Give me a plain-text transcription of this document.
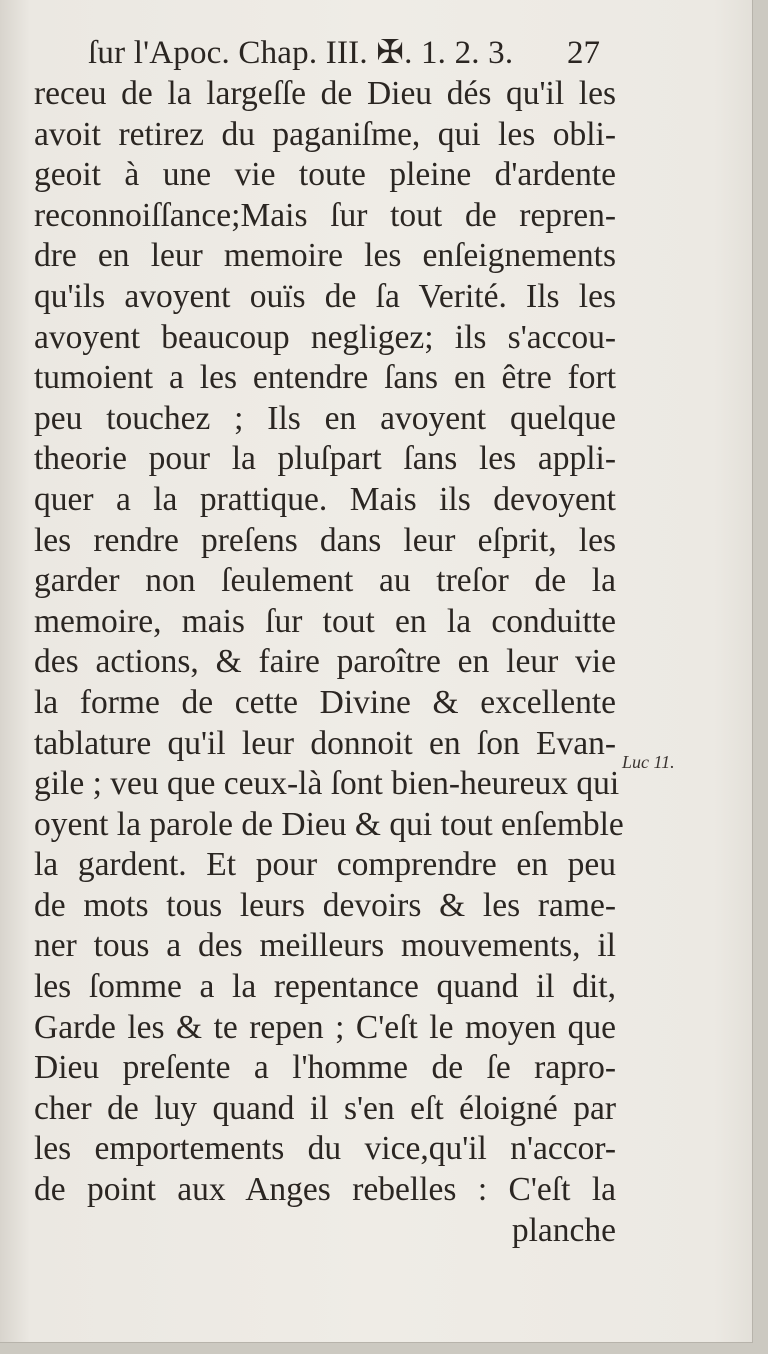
ſur l'Apoc. Chap. III. ✠. 1. 2. 3. 27
receu de la largeſſe de Dieu dés qu'il les
avoit retirez du paganiſme, qui les obli-
geoit à une vie toute pleine d'ardente
reconnoiſſance;Mais ſur tout de repren-
dre en leur memoire les enſeignements
qu'ils avoyent ouïs de ſa Verité. Ils les
avoyent beaucoup negligez; ils s'accou-
tumoient a les entendre ſans en être fort
peu touchez ; Ils en avoyent quelque
theorie pour la pluſpart ſans les appli-
quer a la prattique. Mais ils devoyent
les rendre preſens dans leur eſprit, les
garder non ſeulement au treſor de la
memoire, mais ſur tout en la conduitte
des actions, & faire paroître en leur vie
la forme de cette Divine & excellente
tablature qu'il leur donnoit en ſon Evan-
gile ; veu que ceux-là ſont bien-heureux qui
oyent la parole de Dieu & qui tout enſemble
la gardent. Et pour comprendre en peu
de mots tous leurs devoirs & les rame-
ner tous a des meilleurs mouvements, il
les ſomme a la repentance quand il dit,
Garde les & te repen ; C'eſt le moyen que
Dieu preſente a l'homme de ſe rapro-
cher de luy quand il s'en eſt éloigné par
les emportements du vice,qu'il n'accor-
de point aux Anges rebelles : C'eſt la
planche
Luc 11.
